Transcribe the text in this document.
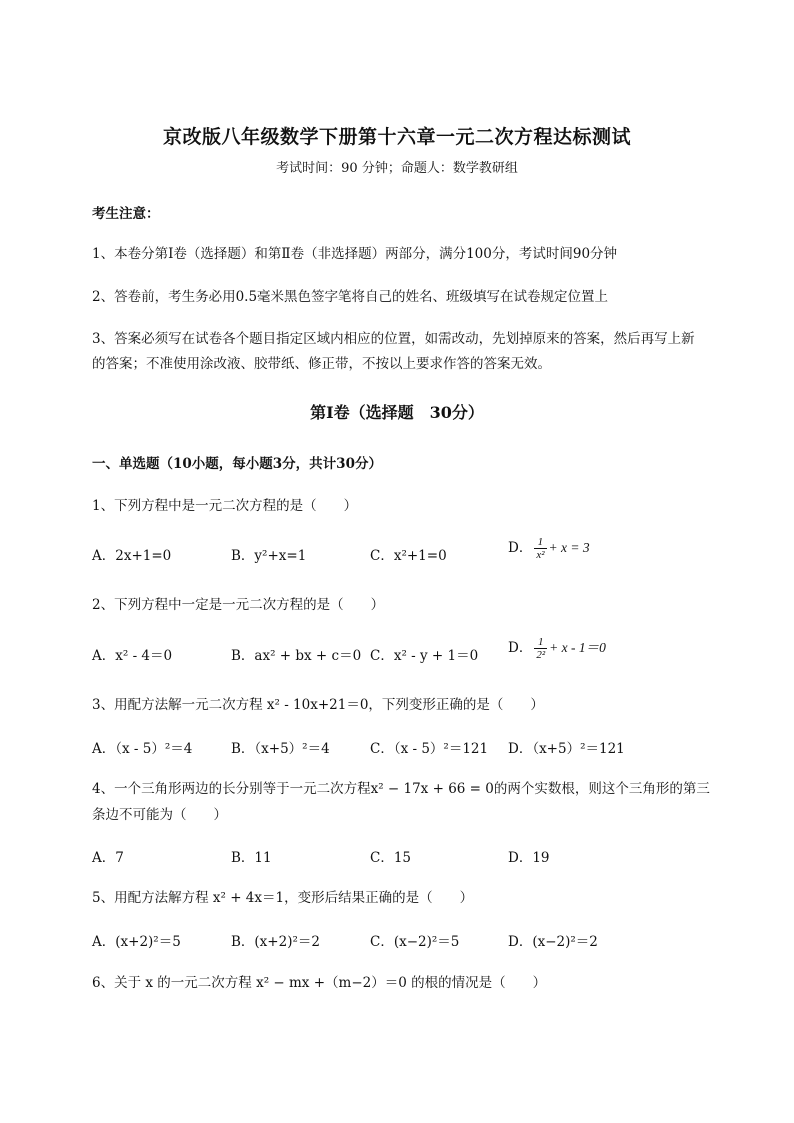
京改版八年级数学下册第十六章一元二次方程达标测试
考试时间：90 分钟；命题人：数学教研组
考生注意：
1、本卷分第Ⅰ卷（选择题）和第Ⅱ卷（非选择题）两部分，满分100分，考试时间90分钟
2、答卷前，考生务必用0.5毫米黑色签字笔将自己的姓名、班级填写在试卷规定位置上
3、答案必须写在试卷各个题目指定区域内相应的位置，如需改动，先划掉原来的答案，然后再写上新
的答案；不准使用涂改液、胶带纸、修正带，不按以上要求作答的答案无效。
第Ⅰ卷（选择题　30分）
一、单选题（10小题，每小题3分，共计30分）
1、下列方程中是一元二次方程的是（　　）
A．2x+1=0	B．y²+x=1	C．x²+1=0	D． $\frac{1}{\text{x²}} + x = 3$
2、下列方程中一定是一元二次方程的是（　　）
A．x² - 4＝0	B．ax² + bx + c＝0 C．x² - y + 1＝0 D． $\frac{1}{\text{2²}} + x - 1=0$
3、用配方法解一元二次方程 x² - 10x+21＝0，下列变形正确的是（　　）
A．（x - 5）²＝4	B．（x+5）²＝4	C．（x - 5）²＝121 D．（x+5）²＝121
4、一个三角形两边的长分别等于一元二次方程x² − 17x + 66 = 0的两个实数根，则这个三角形的第三
条边不可能为（　　）
A．7	B．11	C．15	D．19
5、用配方法解方程 x² + 4x＝1，变形后结果正确的是（　　）
A．(x+2)²＝5	B．(x+2)²＝2	C．(x−2)²＝5	D．(x−2)²＝2
6、关于 x 的一元二次方程 x² − mx +（m−2）＝0 的根的情况是（　　）
